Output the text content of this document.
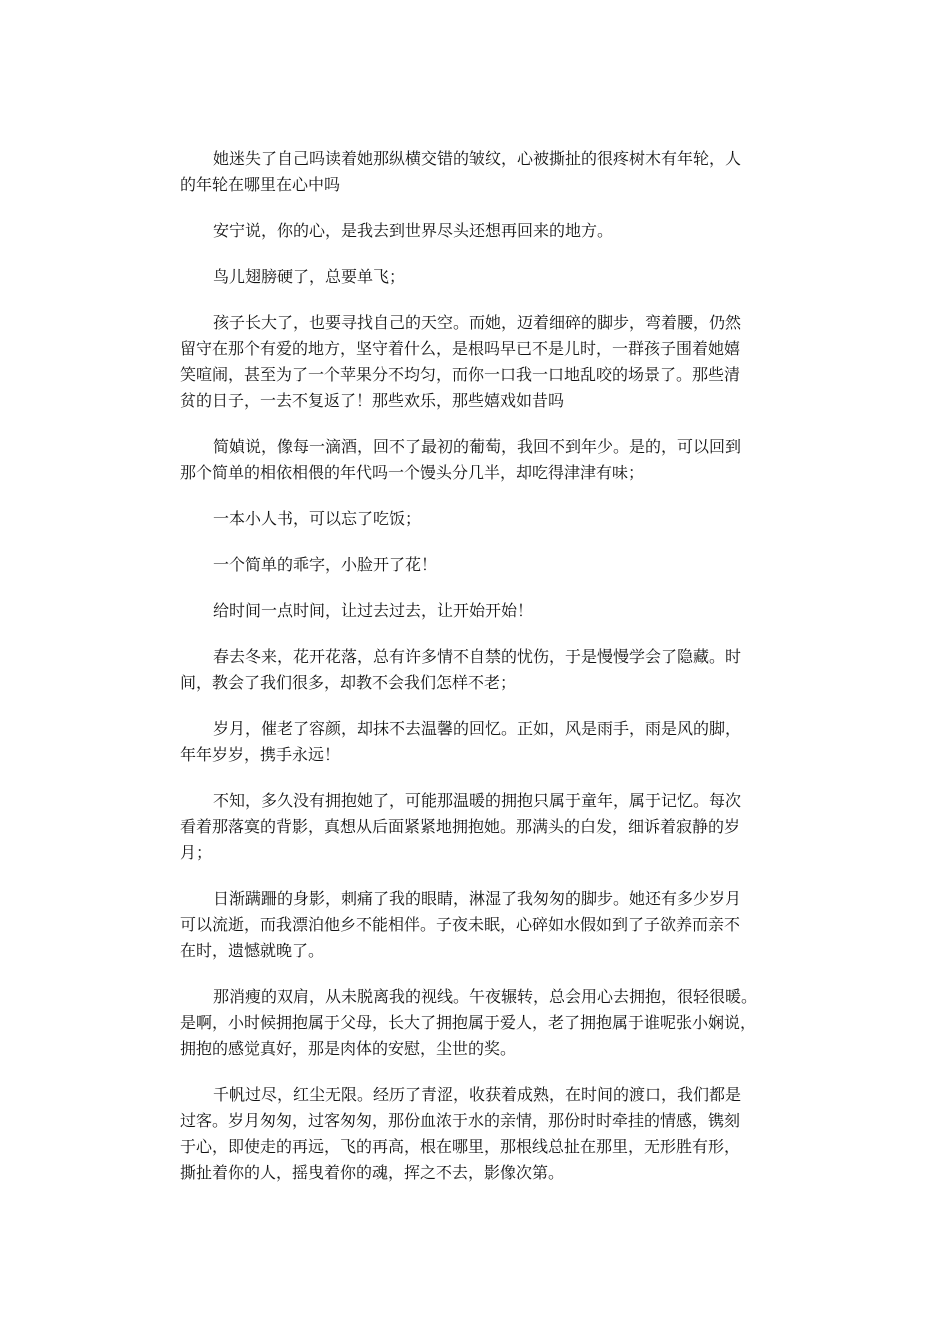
她迷失了自己吗读着她那纵横交错的皱纹，心被撕扯的很疼树木有年轮，人
的年轮在哪里在心中吗

安宁说，你的心，是我去到世界尽头还想再回来的地方。

鸟儿翅膀硬了，总要单飞；

孩子长大了，也要寻找自己的天空。而她，迈着细碎的脚步，弯着腰，仍然
留守在那个有爱的地方，坚守着什么，是根吗早已不是儿时，一群孩子围着她嬉
笑喧闹，甚至为了一个苹果分不均匀，而你一口我一口地乱咬的场景了。那些清
贫的日子，一去不复返了！那些欢乐，那些嬉戏如昔吗

简媜说，像每一滴酒，回不了最初的葡萄，我回不到年少。是的，可以回到
那个简单的相依相偎的年代吗一个馒头分几半，却吃得津津有味；

一本小人书，可以忘了吃饭；

一个简单的乖字，小脸开了花！

给时间一点时间，让过去过去，让开始开始！

春去冬来，花开花落，总有许多情不自禁的忧伤，于是慢慢学会了隐藏。时
间，教会了我们很多，却教不会我们怎样不老；

岁月，催老了容颜，却抹不去温馨的回忆。正如，风是雨手，雨是风的脚，
年年岁岁，携手永远！

不知，多久没有拥抱她了，可能那温暖的拥抱只属于童年，属于记忆。每次
看着那落寞的背影，真想从后面紧紧地拥抱她。那满头的白发，细诉着寂静的岁
月；

日渐蹒跚的身影，刺痛了我的眼睛，淋湿了我匆匆的脚步。她还有多少岁月
可以流逝，而我漂泊他乡不能相伴。子夜未眠，心碎如水假如到了子欲养而亲不
在时，遗憾就晚了。

那消瘦的双肩，从未脱离我的视线。午夜辗转，总会用心去拥抱，很轻很暖。
是啊，小时候拥抱属于父母，长大了拥抱属于爱人，老了拥抱属于谁呢张小娴说，
拥抱的感觉真好，那是肉体的安慰，尘世的奖。

千帆过尽，红尘无限。经历了青涩，收获着成熟，在时间的渡口，我们都是
过客。岁月匆匆，过客匆匆，那份血浓于水的亲情，那份时时牵挂的情感，镌刻
于心，即使走的再远，飞的再高，根在哪里，那根线总扯在那里，无形胜有形，
撕扯着你的人，摇曳着你的魂，挥之不去，影像次第。
